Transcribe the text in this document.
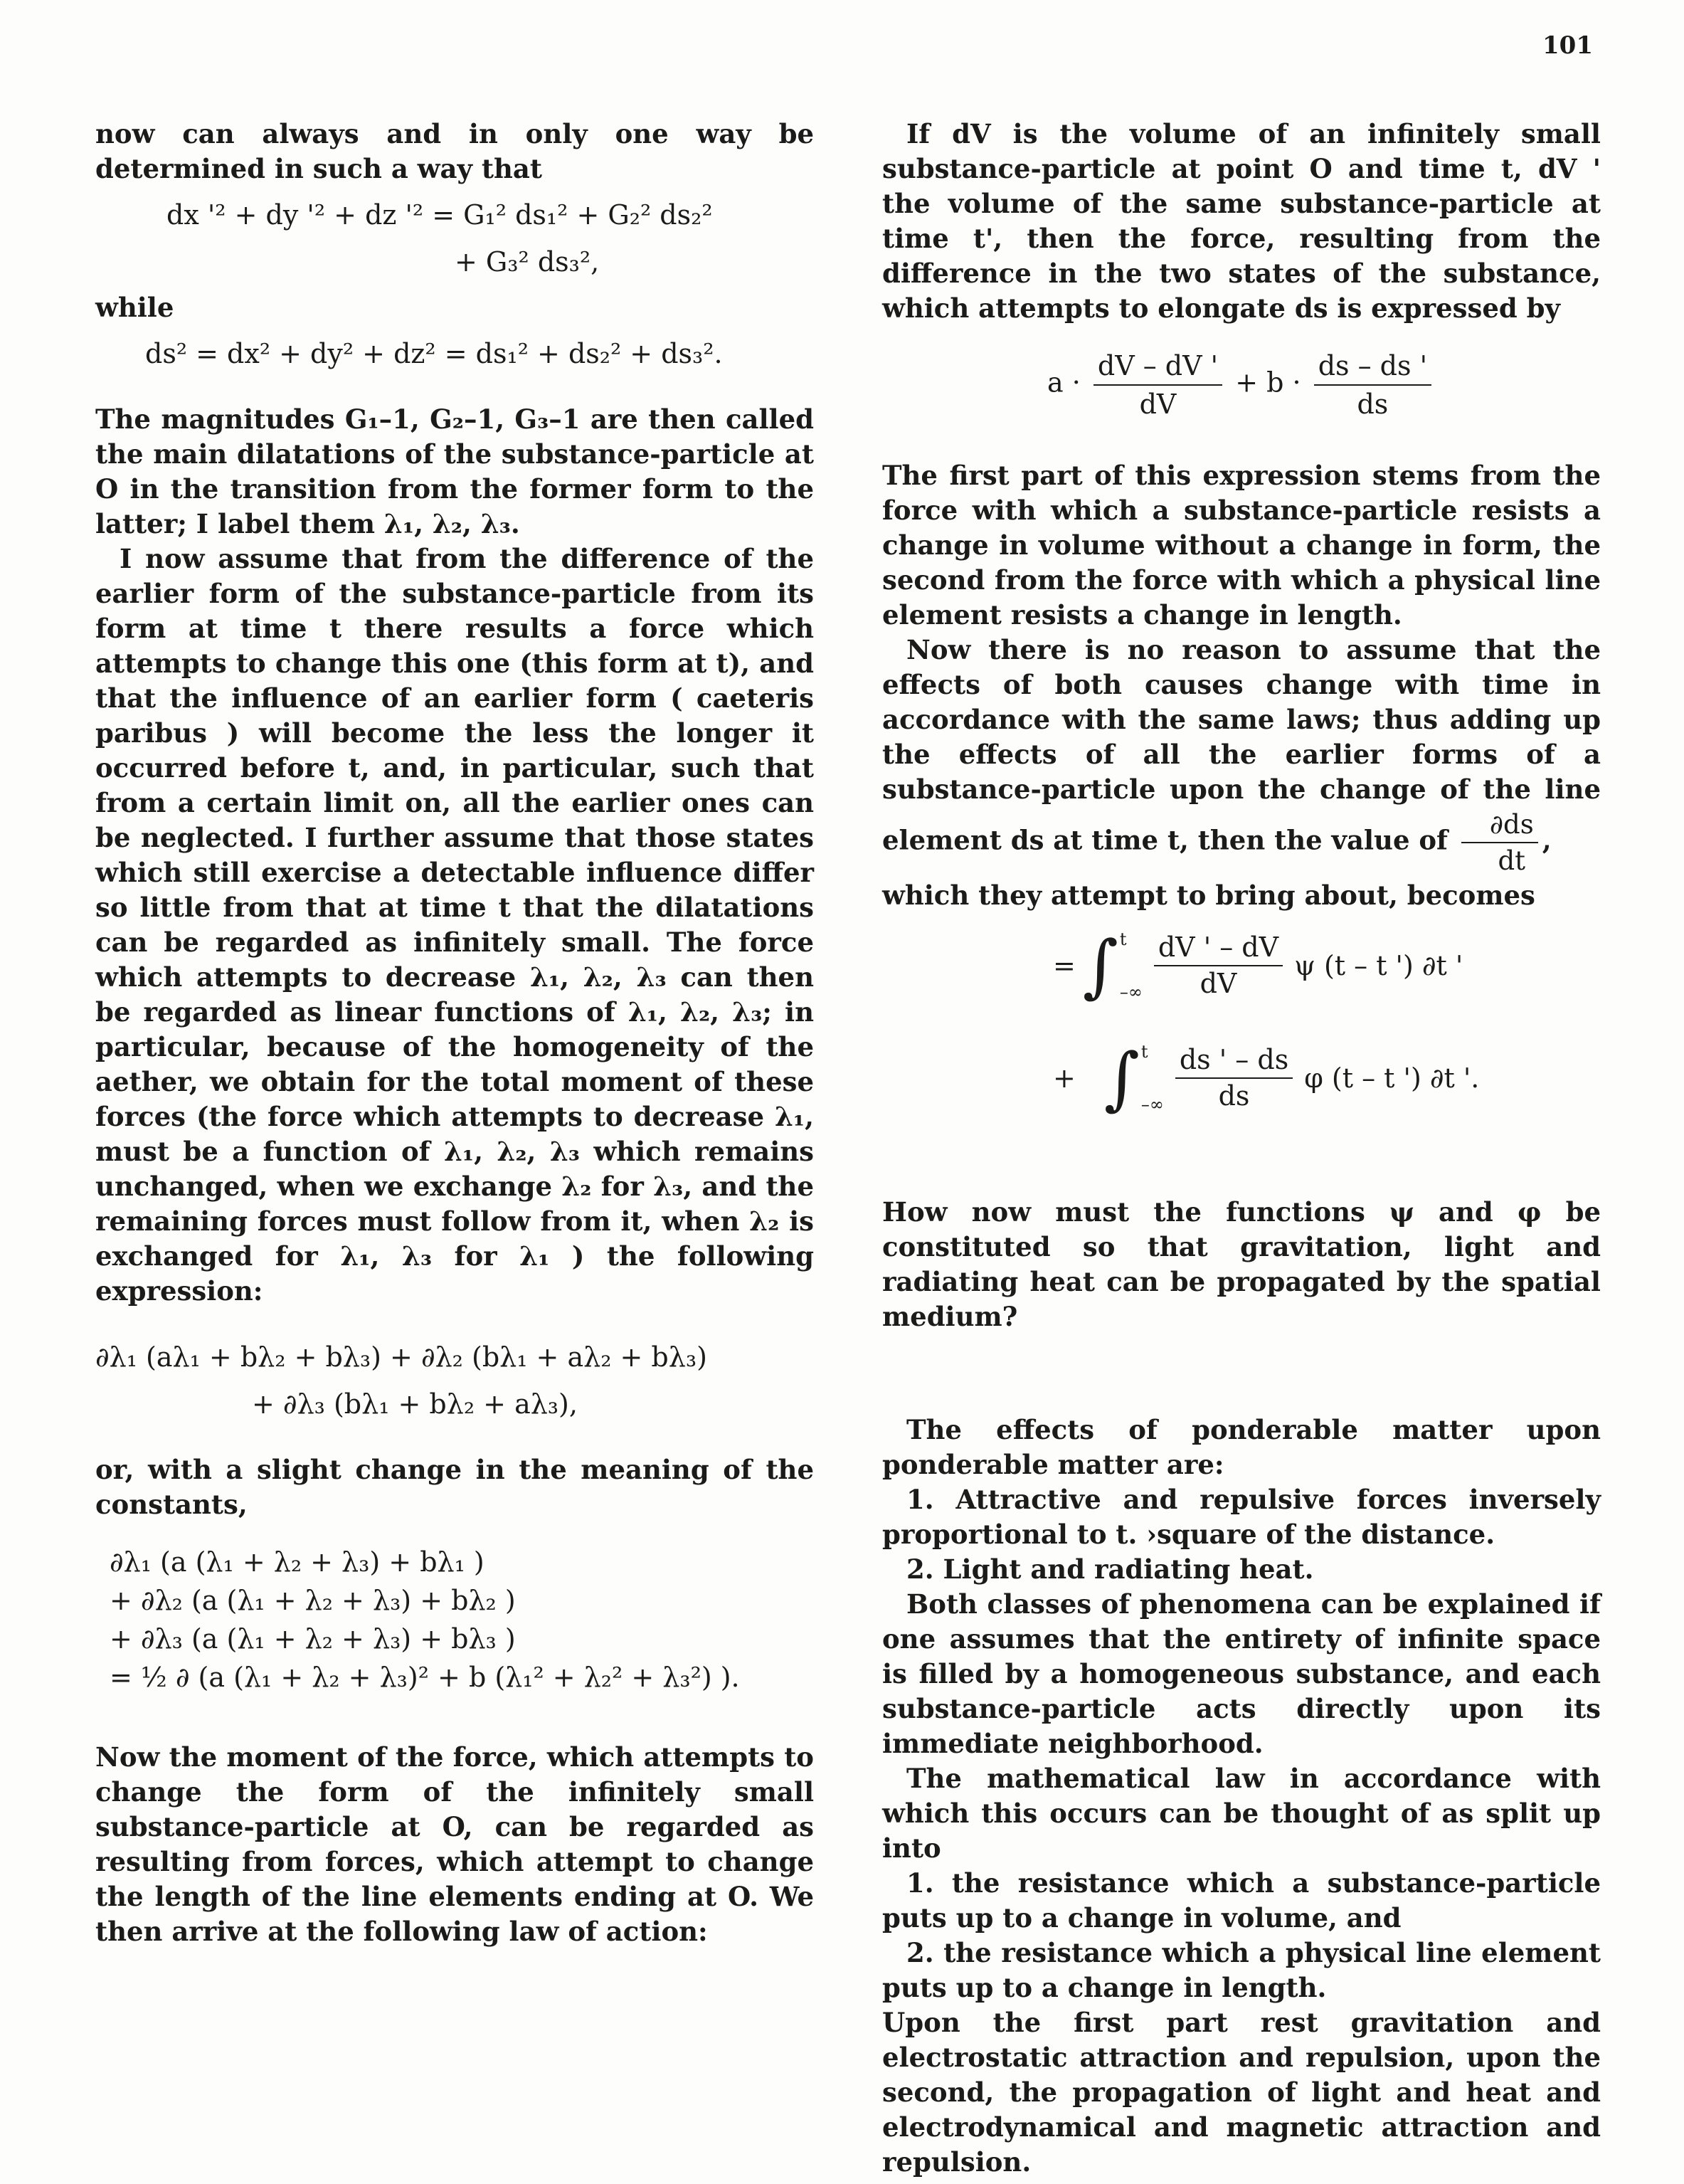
101

now can always and in only one way be determined in such a way that

dx '² + dy '² + dz '² = G₁² ds₁² + G₂² ds₂²
+ G₃² ds₃²,

while

ds² = dx² + dy² + dz² = ds₁² + ds₂² + ds₃².

The magnitudes G₁–1, G₂–1, G₃–1 are then called the main dilatations of the substance-particle at O in the transition from the former form to the latter; I label them λ₁, λ₂, λ₃.

I now assume that from the difference of the earlier form of the substance-particle from its form at time t there results a force which attempts to change this one (this form at t), and that the influence of an earlier form ( caeteris paribus ) will become the less the longer it occurred before t, and, in particular, such that from a certain limit on, all the earlier ones can be neglected. I further assume that those states which still exercise a detectable influence differ so little from that at time t that the dilatations can be regarded as infinitely small. The force which attempts to decrease λ₁, λ₂, λ₃ can then be regarded as linear functions of λ₁, λ₂, λ₃; in particular, because of the homogeneity of the aether, we obtain for the total moment of these forces (the force which attempts to decrease λ₁, must be a function of λ₁, λ₂, λ₃ which remains unchanged, when we exchange λ₂ for λ₃, and the remaining forces must follow from it, when λ₂ is exchanged for λ₁, λ₃ for λ₁ ) the following expression:

∂λ₁ (aλ₁ + bλ₂ + bλ₃) + ∂λ₂ (bλ₁ + aλ₂ + bλ₃)
+ ∂λ₃ (bλ₁ + bλ₂ + aλ₃),

or, with a slight change in the meaning of the constants,

∂λ₁ (a (λ₁ + λ₂ + λ₃) + bλ₁ )
+ ∂λ₂ (a (λ₁ + λ₂ + λ₃) + bλ₂ )
+ ∂λ₃ (a (λ₁ + λ₂ + λ₃) + bλ₃ )
= ½ ∂ (a (λ₁ + λ₂ + λ₃)² + b (λ₁² + λ₂² + λ₃²) ).

Now the moment of the force, which attempts to change the form of the infinitely small substance-particle at O, can be regarded as resulting from forces, which attempt to change the length of the line elements ending at O. We then arrive at the following law of action:

If dV is the volume of an infinitely small substance-particle at point O and time t, dV ' the volume of the same substance-particle at time t', then the force, resulting from the difference in the two states of the substance, which attempts to elongate ds is expressed by

$a \cdot \frac{dV - dV '}{dV} + b \cdot \frac{ds - ds '}{ds}$

The first part of this expression stems from the force with which a substance-particle resists a change in volume without a change in form, the second from the force with which a physical line element resists a change in length.

Now there is no reason to assume that the effects of both causes change with time in accordance with the same laws; thus adding up the effects of all the earlier forms of a substance-particle upon the change of the line element ds at time t, then the value of $\frac{\partial ds}{dt}$ ,

which they attempt to bring about, becomes

= ∫ t
–∞ $\frac{dV ' - dV}{dV}$ ψ (t – t ') ∂t '
+ ∫ t
–∞ $\frac{ds ' - ds}{ds}$ φ (t – t ') ∂t '.

How now must the functions ψ and φ be constituted so that gravitation, light and radiating heat can be propagated by the spatial medium?

The effects of ponderable matter upon ponderable matter are:

1. Attractive and repulsive forces inversely proportional to t. ›square of the distance.

2. Light and radiating heat.

Both classes of phenomena can be explained if one assumes that the entirety of infinite space is filled by a homogeneous substance, and each substance-particle acts directly upon its immediate neighborhood.

The mathematical law in accordance with which this occurs can be thought of as split up into

1. the resistance which a substance-particle puts up to a change in volume, and

2. the resistance which a physical line element puts up to a change in length.

Upon the first part rest gravitation and electrostatic attraction and repulsion, upon the second, the propagation of light and heat and electrodynamical and magnetic attraction and repulsion.
